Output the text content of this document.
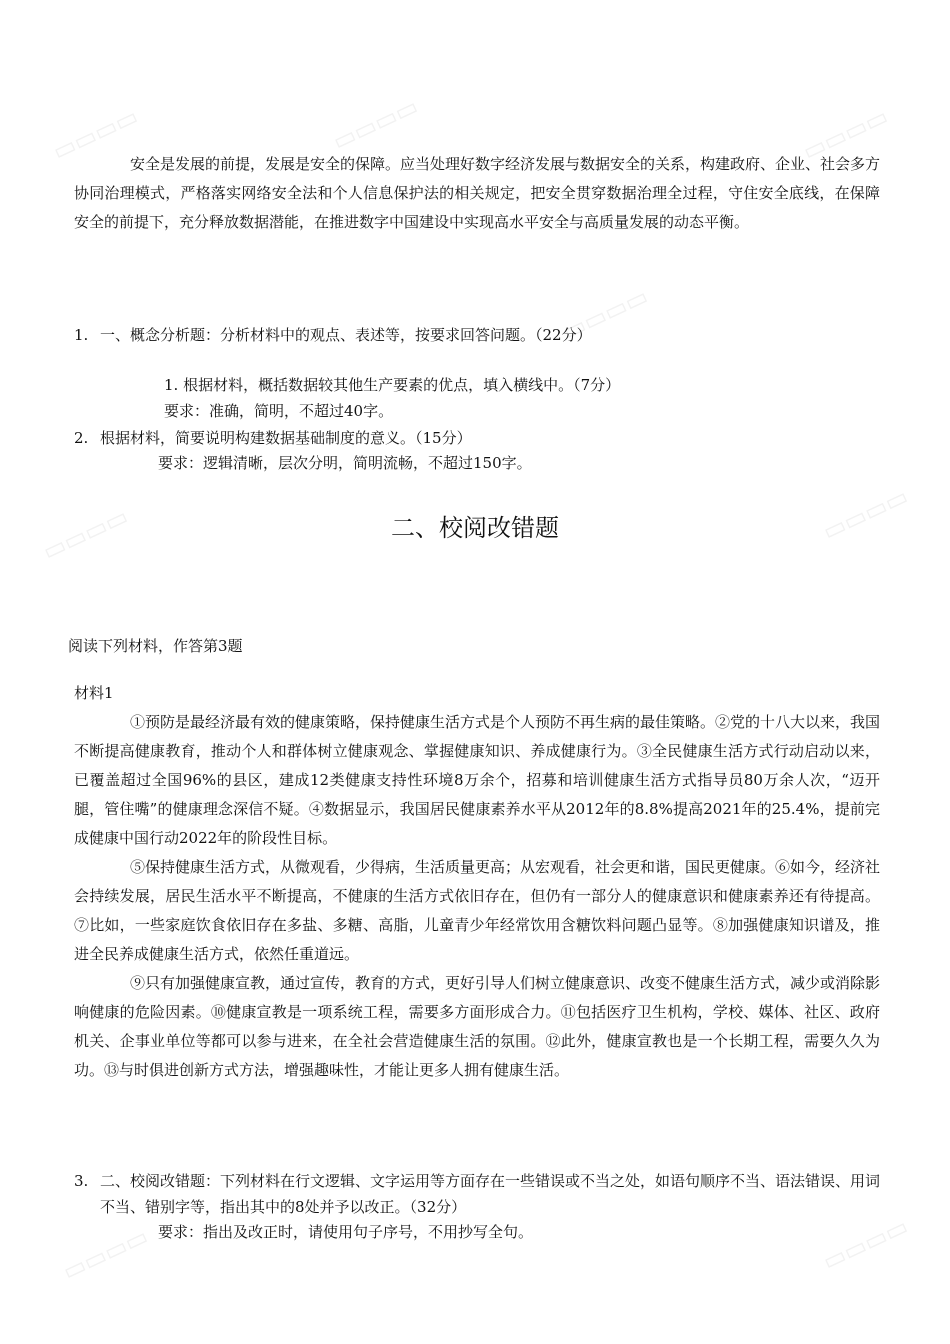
▭▭▭▭	▭▭▭▭	▭▭▭▭
▭▭▭▭
▭▭▭▭
▭▭▭▭
▭▭▭▭	▭▭▭▭

安全是发展的前提，发展是安全的保障。应当处理好数字经济发展与数据安全的关系，构建政府、企业、社会多方协同治理模式，严格落实网络安全法和个人信息保护法的相关规定，把安全贯穿数据治理全过程，守住安全底线，在保障安全的前提下，充分释放数据潜能，在推进数字中国建设中实现高水平安全与高质量发展的动态平衡。

1. 一、概念分析题：分析材料中的观点、表述等，按要求回答问题。（22分）
1. 根据材料，概括数据较其他生产要素的优点，填入横线中。（7分）
要求：准确，简明，不超过40字。
2. 根据材料，简要说明构建数据基础制度的意义。（15分）
要求：逻辑清晰，层次分明，简明流畅，不超过150字。
二、校阅改错题
阅读下列材料，作答第3题
材料1

①预防是最经济最有效的健康策略，保持健康生活方式是个人预防不再生病的最佳策略。②党的十八大以来，我国不断提高健康教育，推动个人和群体树立健康观念、掌握健康知识、养成健康行为。③全民健康生活方式行动启动以来，已覆盖超过全国96%的县区，建成12类健康支持性环境8万余个，招募和培训健康生活方式指导员80万余人次，“迈开腿，管住嘴”的健康理念深信不疑。④数据显示，我国居民健康素养水平从2012年的8.8%提高2021年的25.4%，提前完成健康中国行动2022年的阶段性目标。

⑤保持健康生活方式，从微观看，少得病，生活质量更高；从宏观看，社会更和谐，国民更健康。⑥如今，经济社会持续发展，居民生活水平不断提高，不健康的生活方式依旧存在，但仍有一部分人的健康意识和健康素养还有待提高。⑦比如，一些家庭饮食依旧存在多盐、多糖、高脂，儿童青少年经常饮用含糖饮料问题凸显等。⑧加强健康知识谱及，推进全民养成健康生活方式，依然任重道远。

⑨只有加强健康宣教，通过宣传，教育的方式，更好引导人们树立健康意识、改变不健康生活方式，减少或消除影响健康的危险因素。⑩健康宣教是一项系统工程，需要多方面形成合力。⑪包括医疗卫生机构，学校、媒体、社区、政府机关、企事业单位等都可以参与进来，在全社会营造健康生活的氛围。⑫此外，健康宣教也是一个长期工程，需要久久为功。⑬与时俱进创新方式方法，增强趣味性，才能让更多人拥有健康生活。

3. 二、校阅改错题：下列材料在行文逻辑、文字运用等方面存在一些错误或不当之处，如语句顺序不当、语法错误、用词不当、错别字等，指出其中的8处并予以改正。（32分）
要求：指出及改正时，请使用句子序号，不用抄写全句。
